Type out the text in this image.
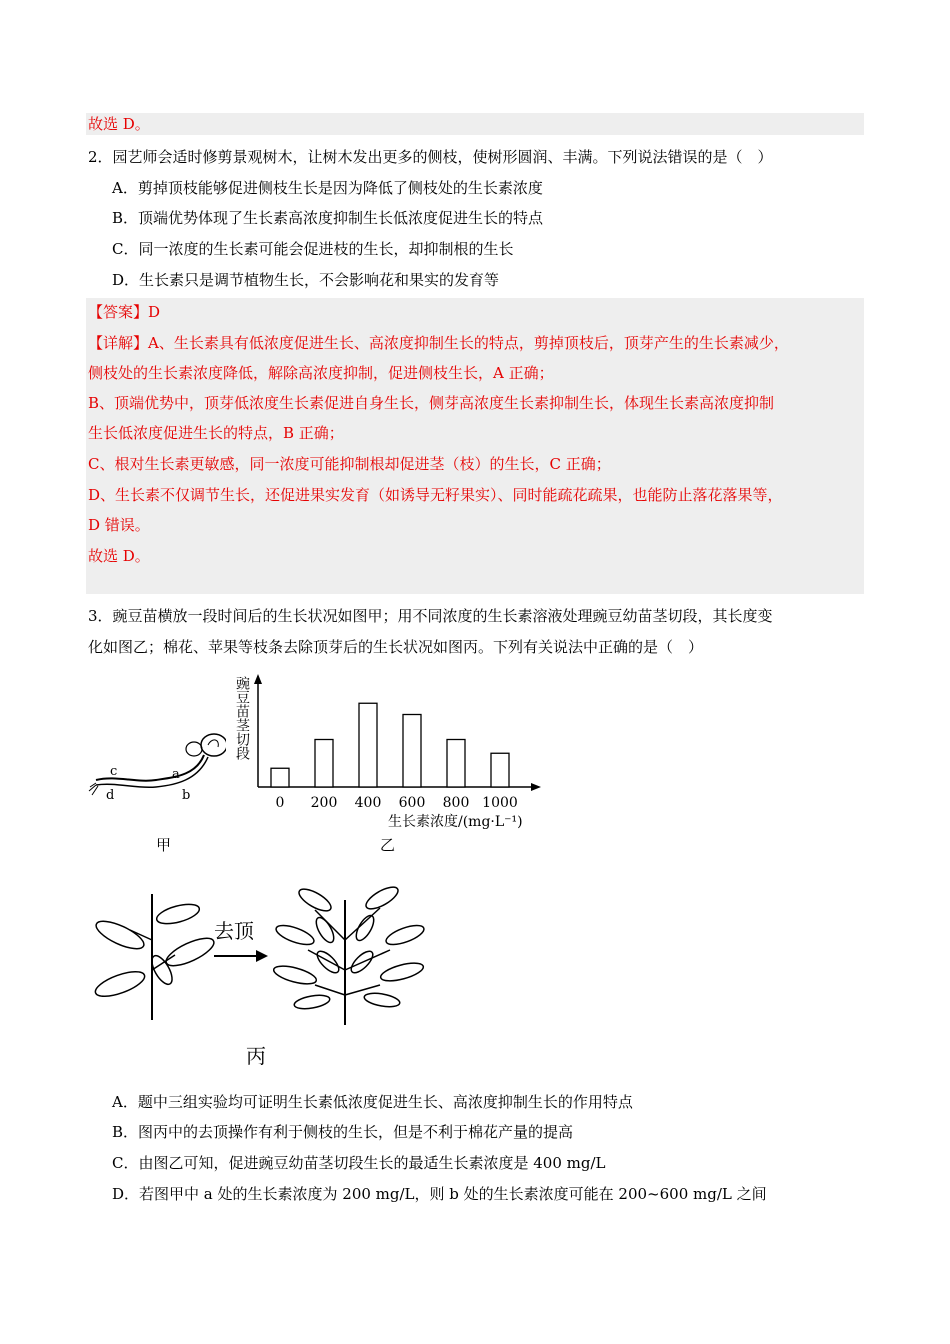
故选 D。
2．园艺师会适时修剪景观树木，让树木发出更多的侧枝，使树形圆润、丰满。下列说法错误的是（　）
A．剪掉顶枝能够促进侧枝生长是因为降低了侧枝处的生长素浓度
B．顶端优势体现了生长素高浓度抑制生长低浓度促进生长的特点
C．同一浓度的生长素可能会促进枝的生长，却抑制根的生长
D．生长素只是调节植物生长，不会影响花和果实的发育等
【答案】D
【详解】A、生长素具有低浓度促进生长、高浓度抑制生长的特点，剪掉顶枝后，顶芽产生的生长素减少，
侧枝处的生长素浓度降低，解除高浓度抑制，促进侧枝生长，A 正确；
B、顶端优势中，顶芽低浓度生长素促进自身生长，侧芽高浓度生长素抑制生长，体现生长素高浓度抑制
生长低浓度促进生长的特点，B 正确；
C、根对生长素更敏感，同一浓度可能抑制根却促进茎（枝）的生长，C 正确；
D、生长素不仅调节生长，还促进果实发育（如诱导无籽果实）、同时能疏花疏果，也能防止落花落果等，
D 错误。
故选 D。
3．豌豆苗横放一段时间后的生长状况如图甲；用不同浓度的生长素溶液处理豌豆幼苗茎切段，其长度变
化如图乙；棉花、苹果等枝条去除顶芽后的生长状况如图丙。下列有关说法中正确的是（　）
c	a
b
d
甲
0 200 400 600 800 1000
豌豆苗茎切段
生长素浓度/(mg·L⁻¹)
乙
去顶
丙
A．题中三组实验均可证明生长素低浓度促进生长、高浓度抑制生长的作用特点
B．图丙中的去顶操作有利于侧枝的生长，但是不利于棉花产量的提高
C．由图乙可知，促进豌豆幼苗茎切段生长的最适生长素浓度是 400 mg/L
D．若图甲中 a 处的生长素浓度为 200 mg/L，则 b 处的生长素浓度可能在 200~600 mg/L 之间
